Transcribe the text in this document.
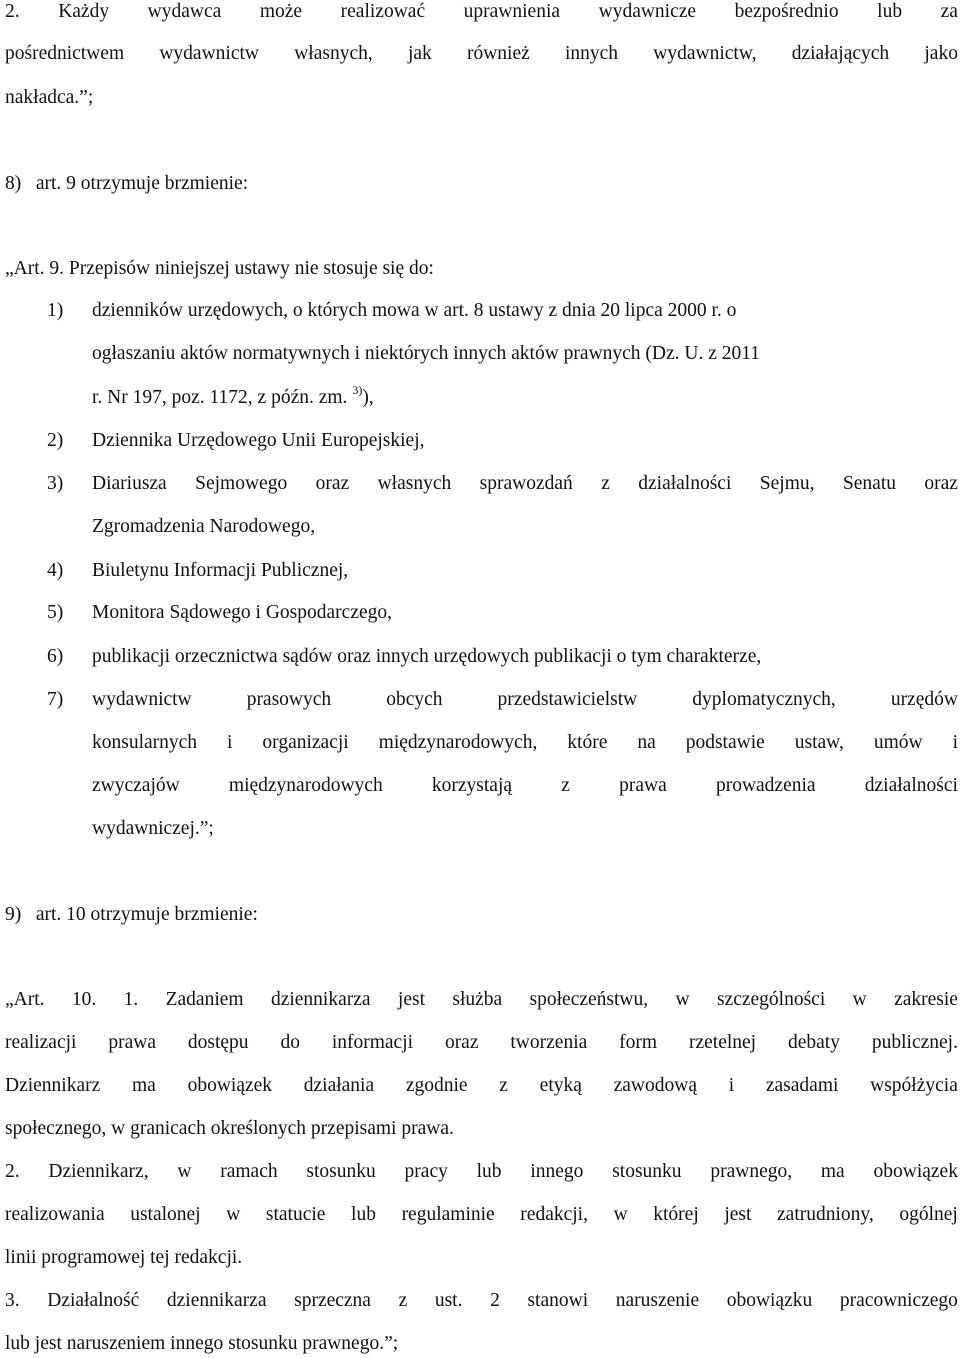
2. Każdy wydawca może realizować uprawnienia wydawnicze bezpośrednio lub za
pośrednictwem wydawnictw własnych, jak również innych wydawnictw, działających jako
nakładca.”;
8)   art. 9 otrzymuje brzmienie:
„Art. 9. Przepisów niniejszej ustawy nie stosuje się do:
1) dzienników urzędowych, o których mowa w art. 8 ustawy z dnia 20 lipca 2000 r. o
ogłaszaniu aktów normatywnych i niektórych innych aktów prawnych (Dz. U. z 2011
r. Nr 197, poz. 1172, z późn. zm. $^{3)}$),
2) Dziennika Urzędowego Unii Europejskiej,
3) Diariusza Sejmowego oraz własnych sprawozdań z działalności Sejmu, Senatu oraz
Zgromadzenia Narodowego,
4) Biuletynu Informacji Publicznej,
5) Monitora Sądowego i Gospodarczego,
6) publikacji orzecznictwa sądów oraz innych urzędowych publikacji o tym charakterze,
7) wydawnictw	prasowych	obcych	przedstawicielstw	dyplomatycznych,	urzędów
konsularnych i organizacji międzynarodowych, które na podstawie ustaw, umów i
zwyczajów	międzynarodowych	korzystają	z	prawa	prowadzenia	działalności
wydawniczej.”;
9)   art. 10 otrzymuje brzmienie:
„Art. 10. 1. Zadaniem dziennikarza jest służba społeczeństwu, w szczególności w zakresie
realizacji prawa dostępu do informacji oraz tworzenia form rzetelnej debaty publicznej.
Dziennikarz ma obowiązek działania zgodnie z etyką zawodową i zasadami współżycia
społecznego, w granicach określonych przepisami prawa.
2. Dziennikarz, w ramach stosunku pracy lub innego stosunku prawnego, ma obowiązek
realizowania ustalonej w statucie lub regulaminie redakcji, w której jest zatrudniony, ogólnej
linii programowej tej redakcji.
3. Działalność dziennikarza sprzeczna z ust. 2 stanowi naruszenie obowiązku pracowniczego
lub jest naruszeniem innego stosunku prawnego.”;
